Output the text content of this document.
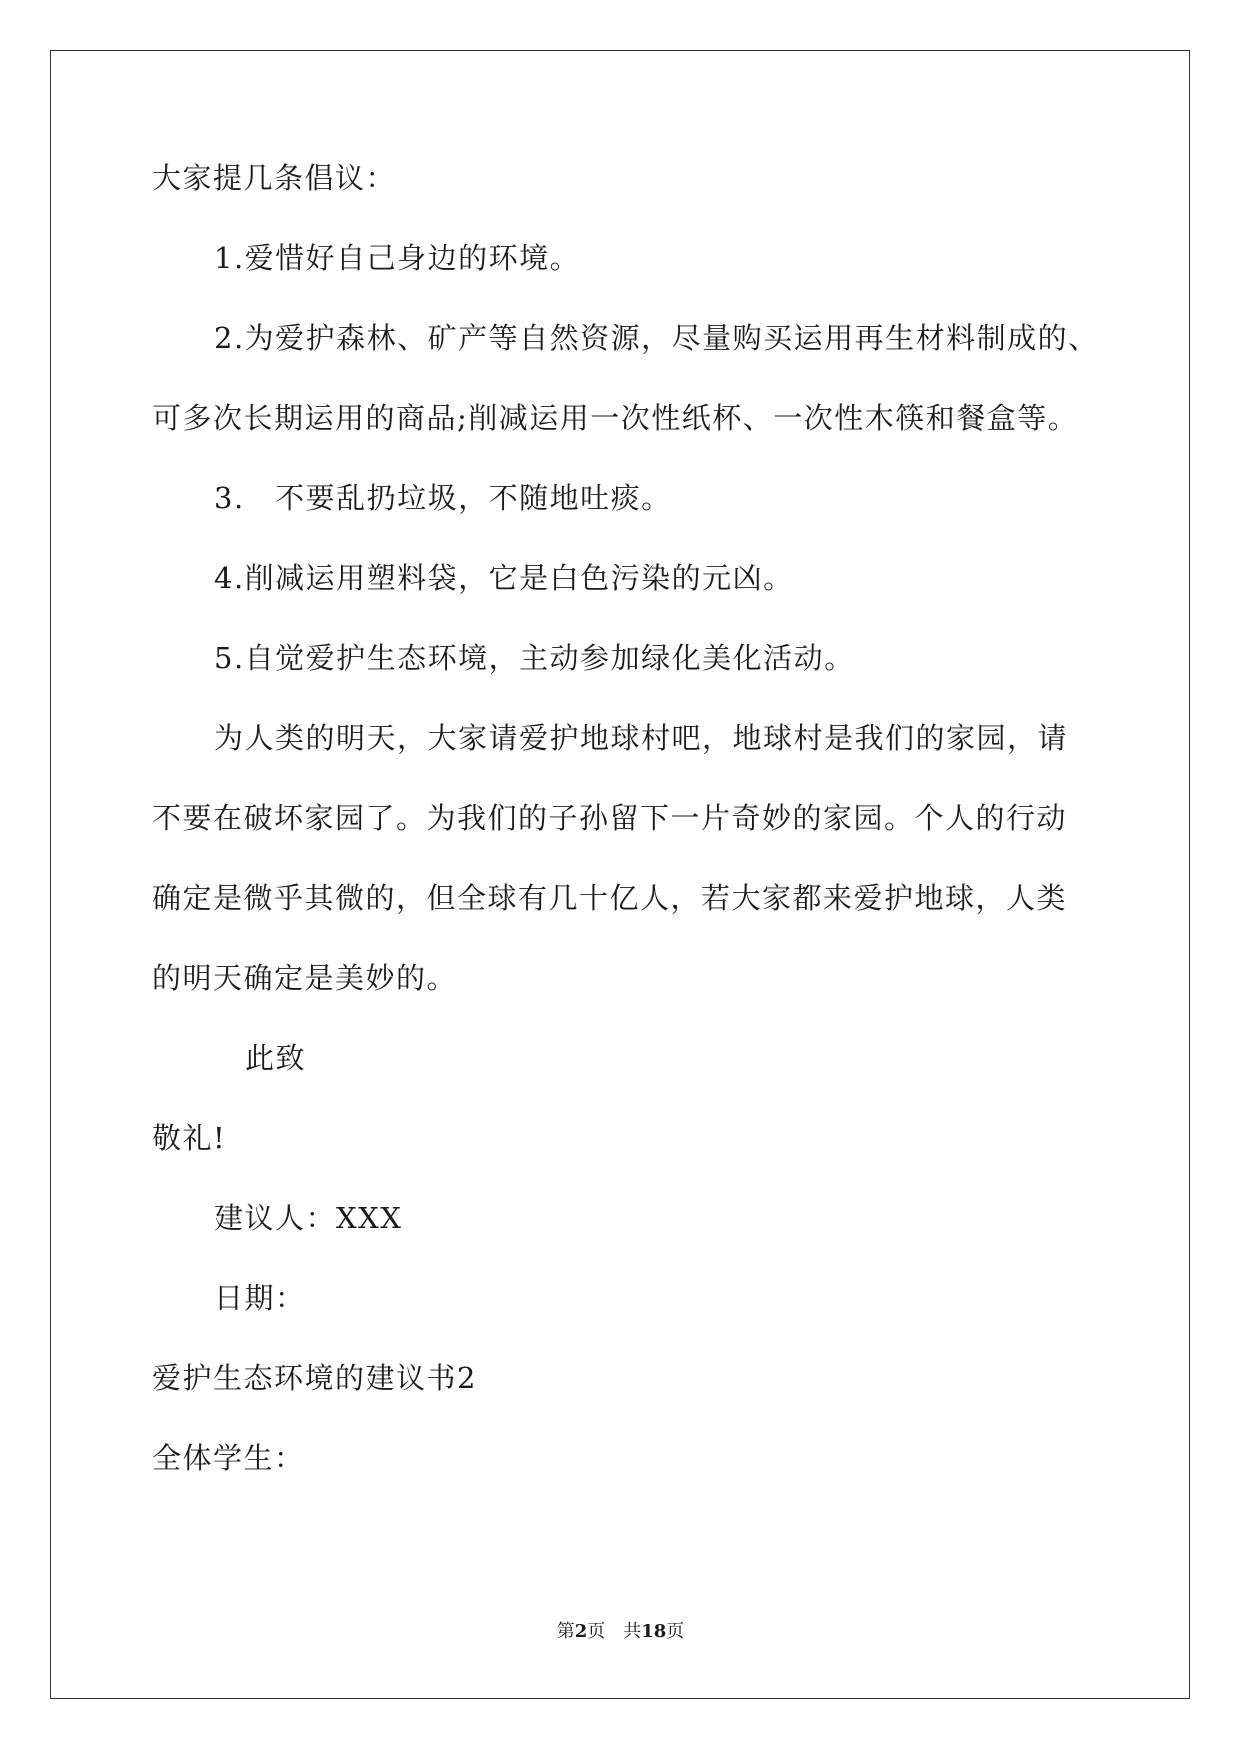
大家提几条倡议：
1.爱惜好自己身边的环境。
2.为爱护森林、矿产等自然资源，尽量购买运用再生材料制成的、
可多次长期运用的商品;削减运用一次性纸杯、一次性木筷和餐盒等。
3.　不要乱扔垃圾，不随地吐痰。
4.削减运用塑料袋，它是白色污染的元凶。
5.自觉爱护生态环境，主动参加绿化美化活动。
为人类的明天，大家请爱护地球村吧，地球村是我们的家园，请
不要在破坏家园了。为我们的子孙留下一片奇妙的家园。个人的行动
确定是微乎其微的，但全球有几十亿人，若大家都来爱护地球，人类
的明天确定是美妙的。
此致
敬礼!
建议人：XXX
日期：
爱护生态环境的建议书2
全体学生：
第2页　共18页
